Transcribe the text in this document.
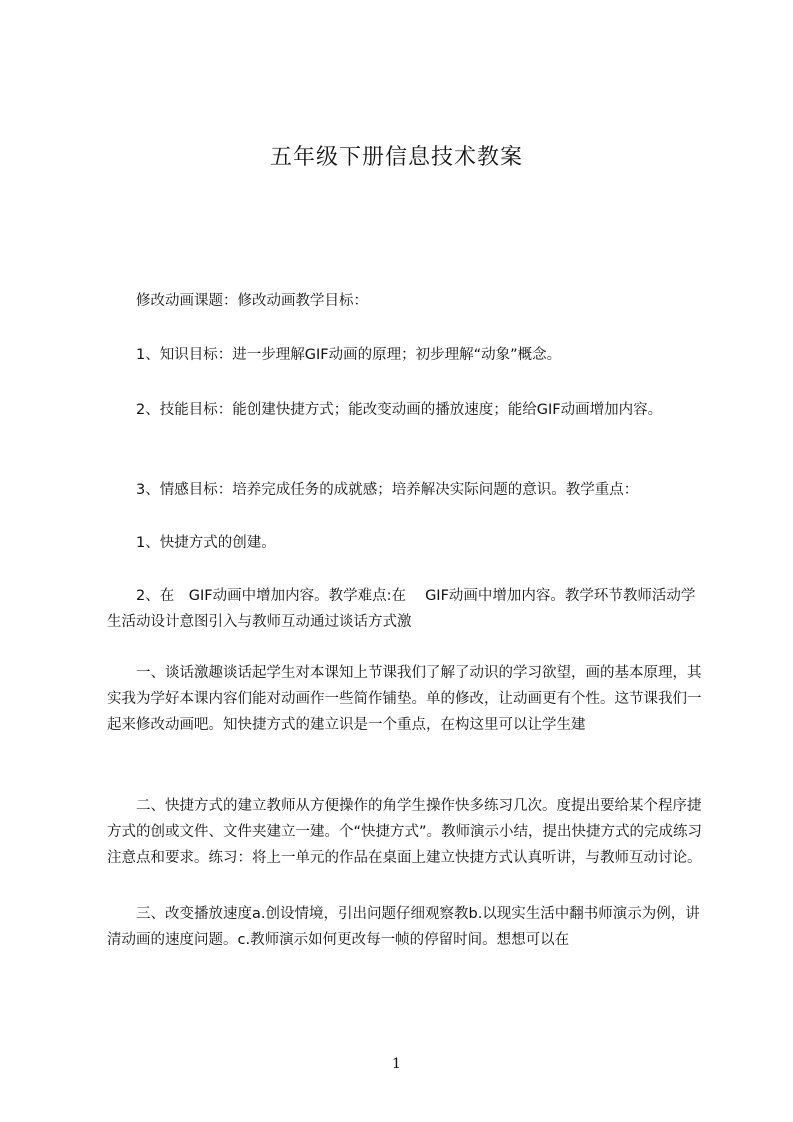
五年级下册信息技术教案

修改动画课题：修改动画教学目标：

1、知识目标：进一步理解GIF动画的原理；初步理解“动象”概念。

2、技能目标：能创建快捷方式；能改变动画的播放速度；能给GIF动画增加内容。

3、情感目标：培养完成任务的成就感；培养解决实际问题的意识。教学重点：

1、快捷方式的创建。

2、在　GIF动画中增加内容。教学难点:在　 GIF动画中增加内容。教学环节教师活动学生活动设计意图引入与教师互动通过谈话方式激

一、谈话激趣谈话起学生对本课知上节课我们了解了动识的学习欲望，画的基本原理，其实我为学好本课内容们能对动画作一些简作铺垫。单的修改，让动画更有个性。这节课我们一起来修改动画吧。知快捷方式的建立识是一个重点，在构这里可以让学生建

二、快捷方式的建立教师从方便操作的角学生操作快多练习几次。度提出要给某个程序捷方式的创或文件、文件夹建立一建。个“快捷方式”。教师演示小结，提出快捷方式的完成练习注意点和要求。练习：将上一单元的作品在桌面上建立快捷方式认真听讲，与教师互动讨论。

三、改变播放速度a.创设情境，引出问题仔细观察教b.以现实生活中翻书师演示为例，讲清动画的速度问题。c.教师演示如何更改每一帧的停留时间。想想可以在

1
